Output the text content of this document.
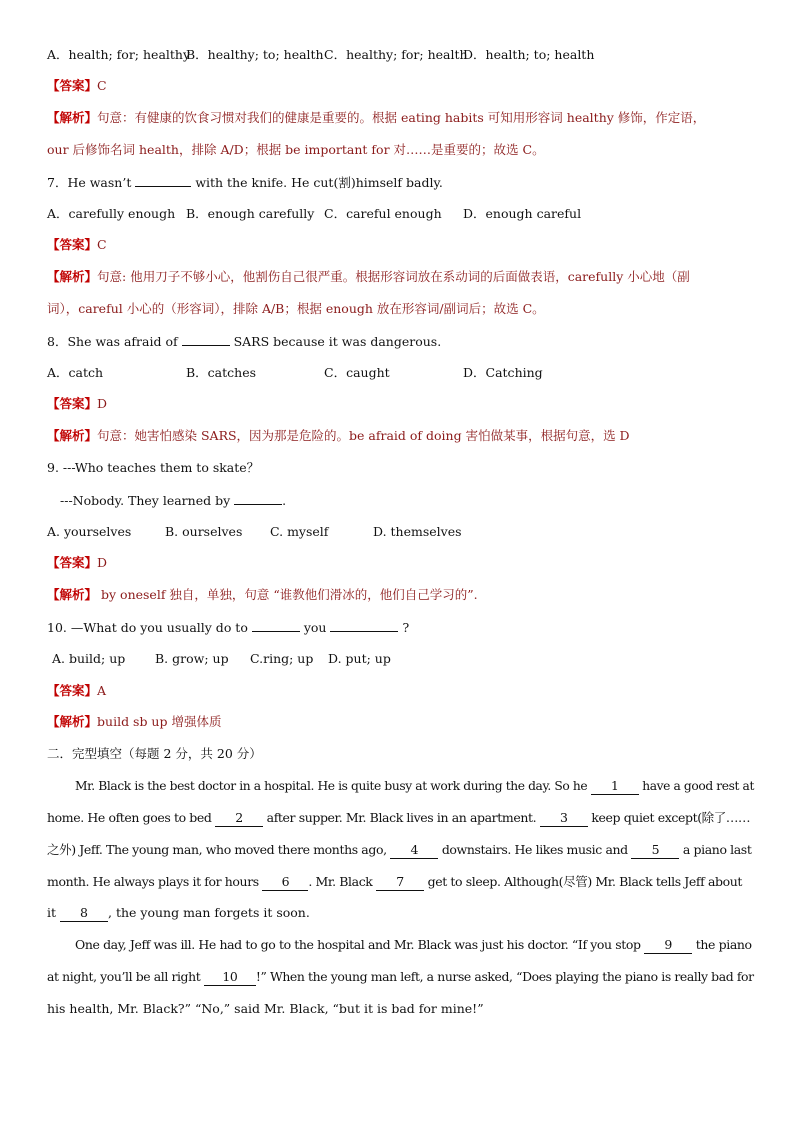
A．health; for; healthy
B．healthy; to; health C．healthy; for; health
D．health; to; health
【答案】C
【解析】句意：有健康的饮食习惯对我们的健康是重要的。根据 eating habits 可知用形容词 healthy 修饰，作定语，
our 后修饰名词 health，排除 A/D；根据 be important for 对……是重要的；故选 C。
7．He wasn’t	with the knife. He cut(割)himself badly.
A．carefully enough B．enough carefully C．careful enough D．enough careful
【答案】C
【解析】句意: 他用刀子不够小心，他割伤自己很严重。根据形容词放在系动词的后面做表语，carefully 小心地（副
词），careful 小心的（形容词），排除 A/B；根据 enough 放在形容词/副词后；故选 C。
8．She was afraid of	SARS because it was dangerous.
A．catch	B．catches	C．caught	D．Catching
【答案】D
【解析】句意：她害怕感染 SARS，因为那是危险的。be afraid of doing 害怕做某事，根据句意，选 D
9. ---Who teaches them to skate？
---Nobody. They learned by	.
A. yourselves	B. ourselves C. myself	D. themselves
【答案】D
【解析】 by oneself 独自，单独，句意 “谁教他们滑冰的，他们自己学习的”.
10. —What do you usually do to	you	?
A. build; up B. grow; up C.ring; up D. put; up
【答案】A
【解析】build sb up 增强体质
二．完型填空（每题 2 分，共 20 分）
Mr. Black is the best doctor in a hospital. He is quite busy at work during the day. So he 1 have a good rest at
home. He often goes to bed 2 after supper. Mr. Black lives in an apartment. 3 keep quiet except(除了……
之外) Jeff. The young man, who moved there months ago, 4 downstairs. He likes music and 5 a piano last
month. He always plays it for hours 6 . Mr. Black 7 get to sleep. Although(尽管) Mr. Black tells Jeff about
it 8 , the young man forgets it soon.
One day, Jeff was ill. He had to go to the hospital and Mr. Black was just his doctor. “If you stop 9 the piano
at night, you’ll be all right 10 !” When the young man left, a nurse asked, “Does playing the piano is really bad for
his health, Mr. Black?” “No,” said Mr. Black, “but it is bad for mine!”
